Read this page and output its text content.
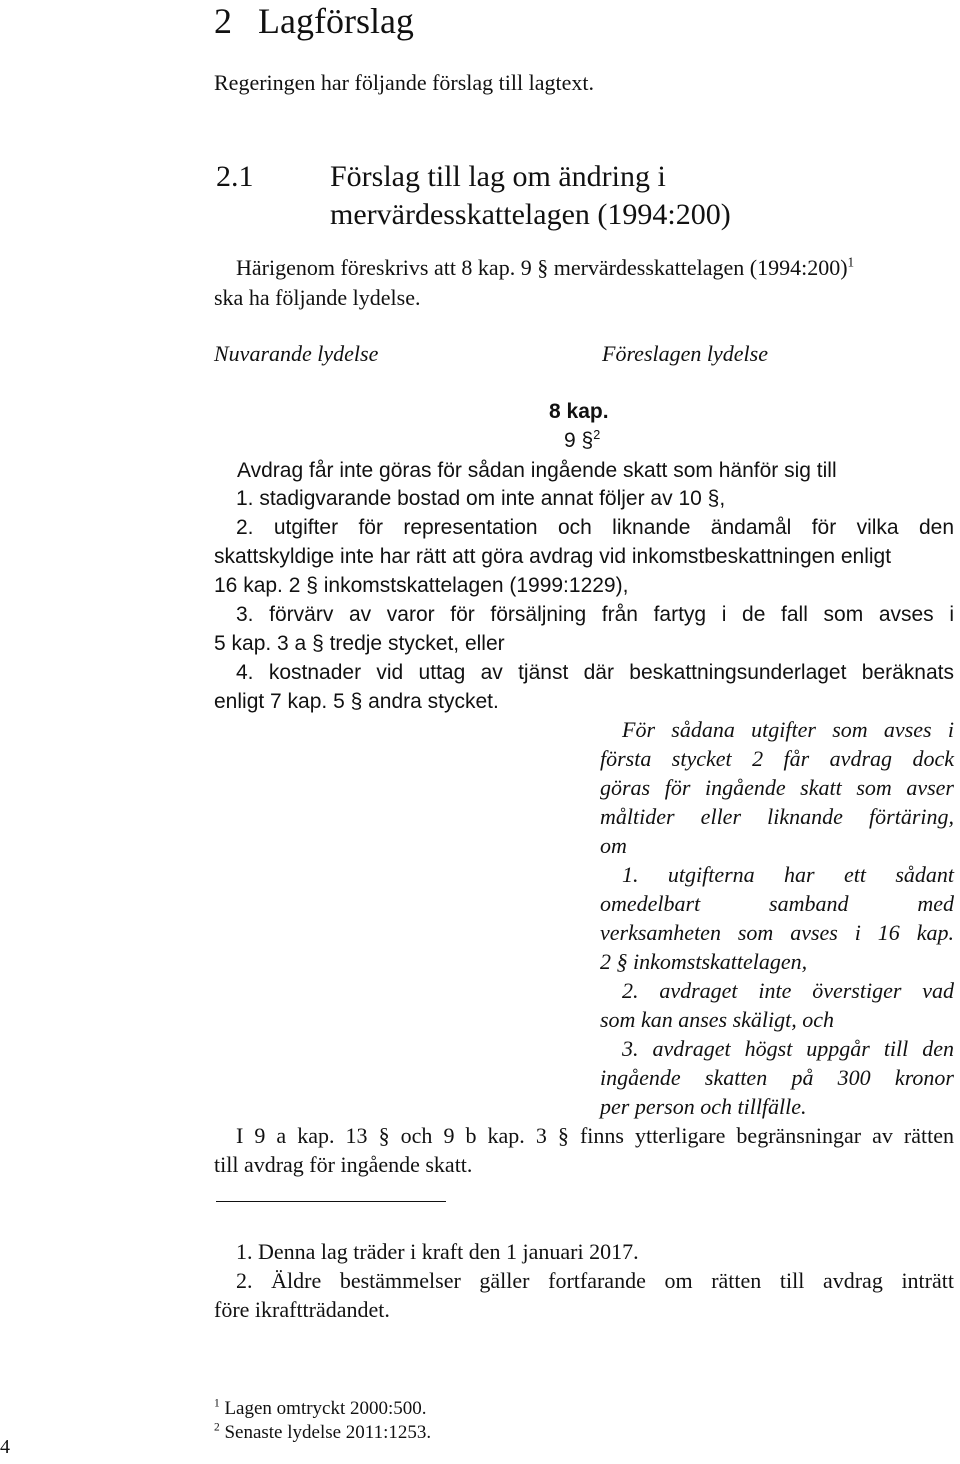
2 Lagförslag
Regeringen har följande förslag till lagtext.
2.1	Förslag till lag om ändring i
mervärdesskattelagen (1994:200)
Härigenom föreskrivs att 8 kap. 9 § mervärdesskattelagen (1994:200)$^1$
ska ha följande lydelse.
Nuvarande lydelse	Föreslagen lydelse
8 kap.
9 §$^2$
Avdrag får inte göras för sådan ingående skatt som hänför sig till
1. stadigvarande bostad om inte annat följer av 10 §,
2. utgifter för representation och liknande ändamål för vilka den
skattskyldige inte har rätt att göra avdrag vid inkomstbeskattningen enligt
16 kap. 2 § inkomstskattelagen (1999:1229),
3. förvärv av varor för försäljning från fartyg i de fall som avses i
5 kap. 3 a § tredje stycket, eller
4. kostnader vid uttag av tjänst där beskattningsunderlaget beräknats
enligt 7 kap. 5 § andra stycket.
För sådana utgifter som avses i
första stycket 2 får avdrag dock
göras för ingående skatt som avser
måltider eller liknande förtäring,
om
1. utgifterna har ett sådant
omedelbart samband med
verksamheten som avses i 16 kap.
2 § inkomstskattelagen,
2. avdraget inte överstiger vad
som kan anses skäligt, och
3. avdraget högst uppgår till den
ingående skatten på 300 kronor
per person och tillfälle.
I 9 a kap. 13 § och 9 b kap. 3 § finns ytterligare begränsningar av rätten
till avdrag för ingående skatt.
1. Denna lag träder i kraft den 1 januari 2017.
2. Äldre bestämmelser gäller fortfarande om rätten till avdrag inträtt
före ikraftträdandet.
$^1$ Lagen omtryckt 2000:500.
$^2$ Senaste lydelse 2011:1253.
4
